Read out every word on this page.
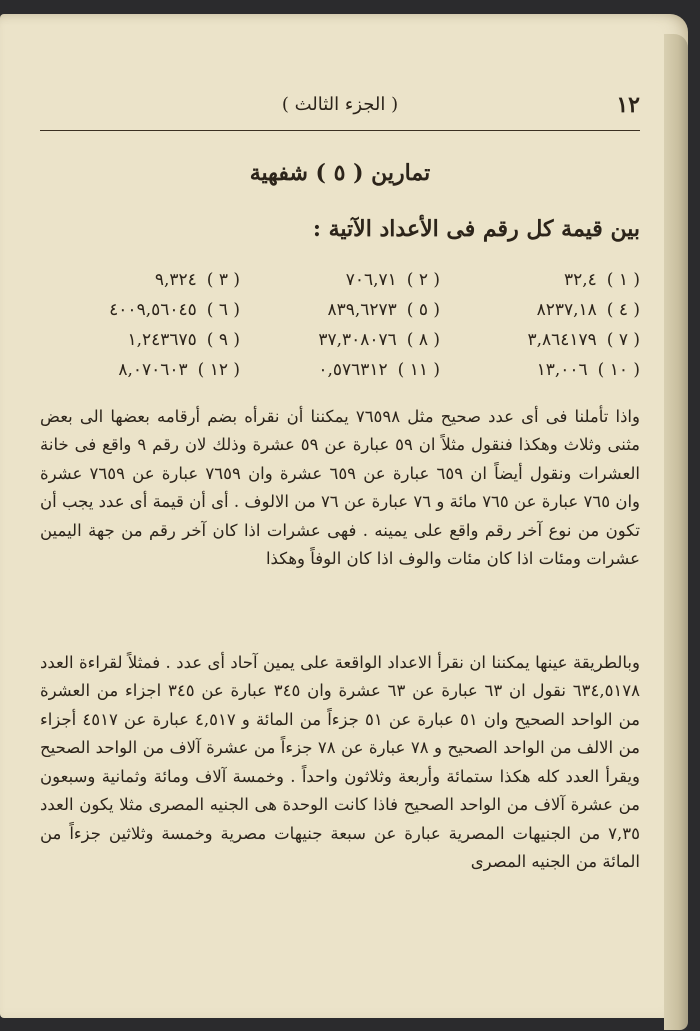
١٢
( الجزء الثالث )
تمارين ( ٥ ) شفهية
بين قيمة كل رقم فى الأعداد الآتية :
( ١ )٣٢,٤
( ٢ )٧٠٦,٧١
( ٣ )٩,٣٢٤
( ٤ )٨٢٣٧,١٨
( ٥ )٨٣٩,٦٢٧٣
( ٦ )٤٠٠٩,٥٦٠٤٥
( ٧ )٣,٨٦٤١٧٩
( ٨ )٣٧,٣٠٨٠٧٦
( ٩ )١,٢٤٣٦٧٥
( ١٠ )١٣,٠٠٦
( ١١ )٠,٥٧٦٣١٢
( ١٢ )٨,٠٧٠٦٠٣

واذا تأملنا فى أى عدد صحيح مثل ٧٦٥٩٨ يمكننا أن نقرأه بضم أرقامه بعضها الى بعض مثنى وثلاث وهكذا فنقول مثلاً ان ٥٩ عبارة عن ٥٩ عشرة وذلك لان رقم ٩ واقع فى خانة العشرات ونقول أيضاً ان ٦٥٩ عبارة عن ٦٥٩ عشرة وان ٧٦٥٩ عبارة عن ٧٦٥٩ عشرة وان ٧٦٥ عبارة عن ٧٦٥ مائة و ٧٦ عبارة عن ٧٦ من الالوف . أى أن قيمة أى عدد يجب أن تكون من نوع آخر رقم واقع على يمينه . فهى عشرات اذا كان آخر رقم من جهة اليمين عشرات ومئات اذا كان مئات والوف اذا كان الوفاً وهكذا

وبالطريقة عينها يمكننا ان نقرأ الاعداد الواقعة على يمين آحاد أى عدد . فمثلاً لقراءة العدد ٦٣٤,٥١٧٨ نقول ان ٦٣ عبارة عن ٦٣ عشرة وان ٣٤٥ عبارة عن ٣٤٥ اجزاء من العشرة من الواحد الصحيح وان ٥١ عبارة عن ٥١ جزءاً من المائة و ٤,٥١٧ عبارة عن ٤٥١٧ أجزاء من الالف من الواحد الصحيح و ٧٨ عبارة عن ٧٨ جزءاً من عشرة آلاف من الواحد الصحيح ويقرأ العدد كله هكذا ستمائة وأربعة وثلاثون واحداً . وخمسة آلاف ومائة وثمانية وسبعون من عشرة آلاف من الواحد الصحيح فاذا كانت الوحدة هى الجنيه المصرى مثلا يكون العدد ٧,٣٥ من الجنيهات المصرية عبارة عن سبعة جنيهات مصرية وخمسة وثلاثين جزءاً من المائة من الجنيه المصرى
